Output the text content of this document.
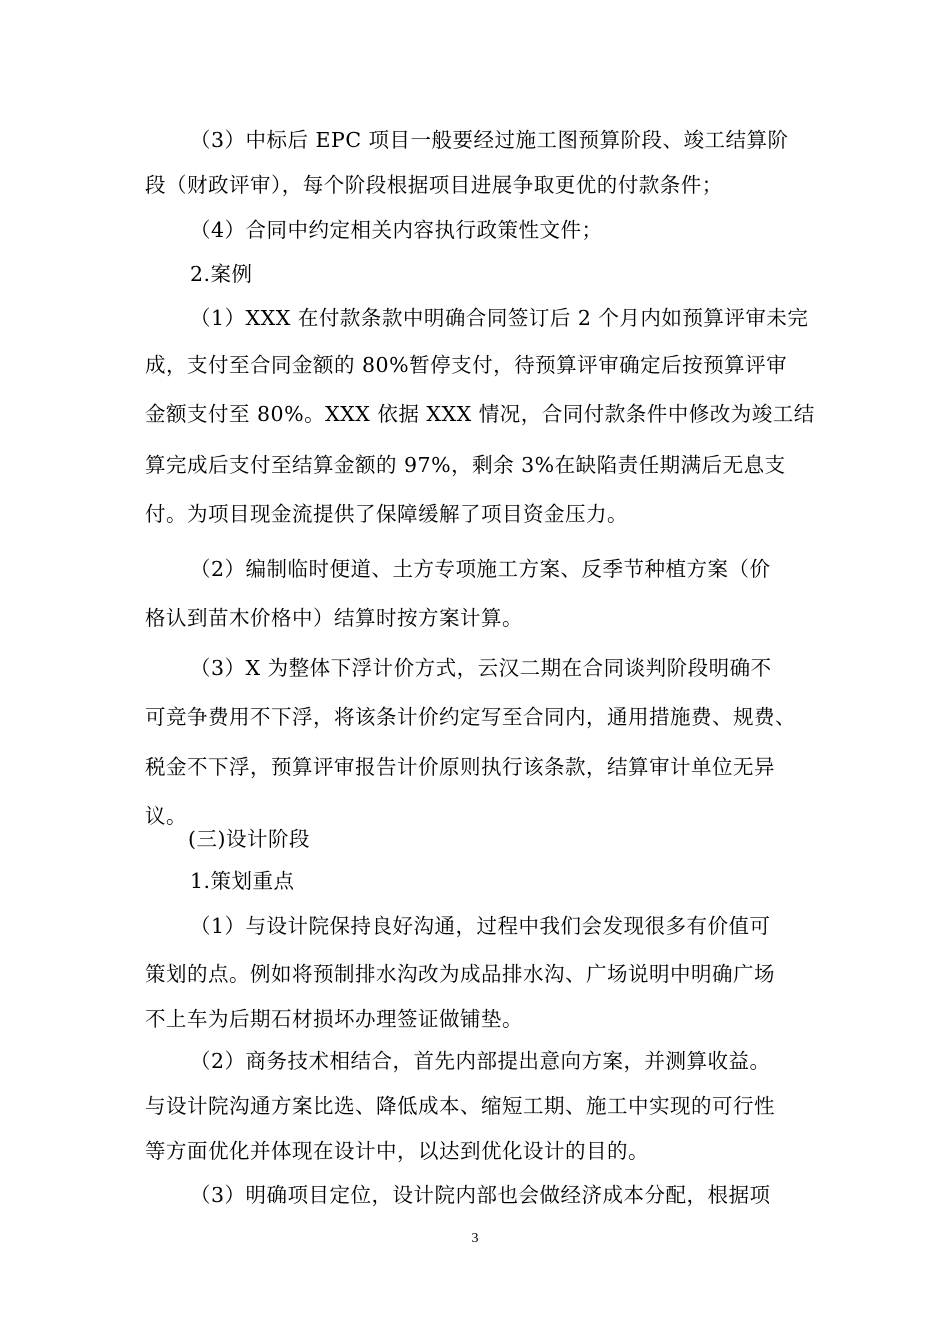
（3）中标后 EPC 项目一般要经过施工图预算阶段、竣工结算阶
段（财政评审），每个阶段根据项目进展争取更优的付款条件；
（4）合同中约定相关内容执行政策性文件；
2.案例
（1）XXX 在付款条款中明确合同签订后 2 个月内如预算评审未完
成，支付至合同金额的 80%暂停支付，待预算评审确定后按预算评审
金额支付至 80%。XXX 依据 XXX 情况，合同付款条件中修改为竣工结
算完成后支付至结算金额的 97%，剩余 3%在缺陷责任期满后无息支
付。为项目现金流提供了保障缓解了项目资金压力。
（2）编制临时便道、土方专项施工方案、反季节种植方案（价
格认到苗木价格中）结算时按方案计算。
（3）X 为整体下浮计价方式，云汉二期在合同谈判阶段明确不
可竞争费用不下浮，将该条计价约定写至合同内，通用措施费、规费、
税金不下浮，预算评审报告计价原则执行该条款，结算审计单位无异
议。
(三)设计阶段
1.策划重点
（1）与设计院保持良好沟通，过程中我们会发现很多有价值可
策划的点。例如将预制排水沟改为成品排水沟、广场说明中明确广场
不上车为后期石材损坏办理签证做铺垫。
（2）商务技术相结合，首先内部提出意向方案，并测算收益。
与设计院沟通方案比选、降低成本、缩短工期、施工中实现的可行性
等方面优化并体现在设计中，以达到优化设计的目的。
（3）明确项目定位，设计院内部也会做经济成本分配，根据项
3
